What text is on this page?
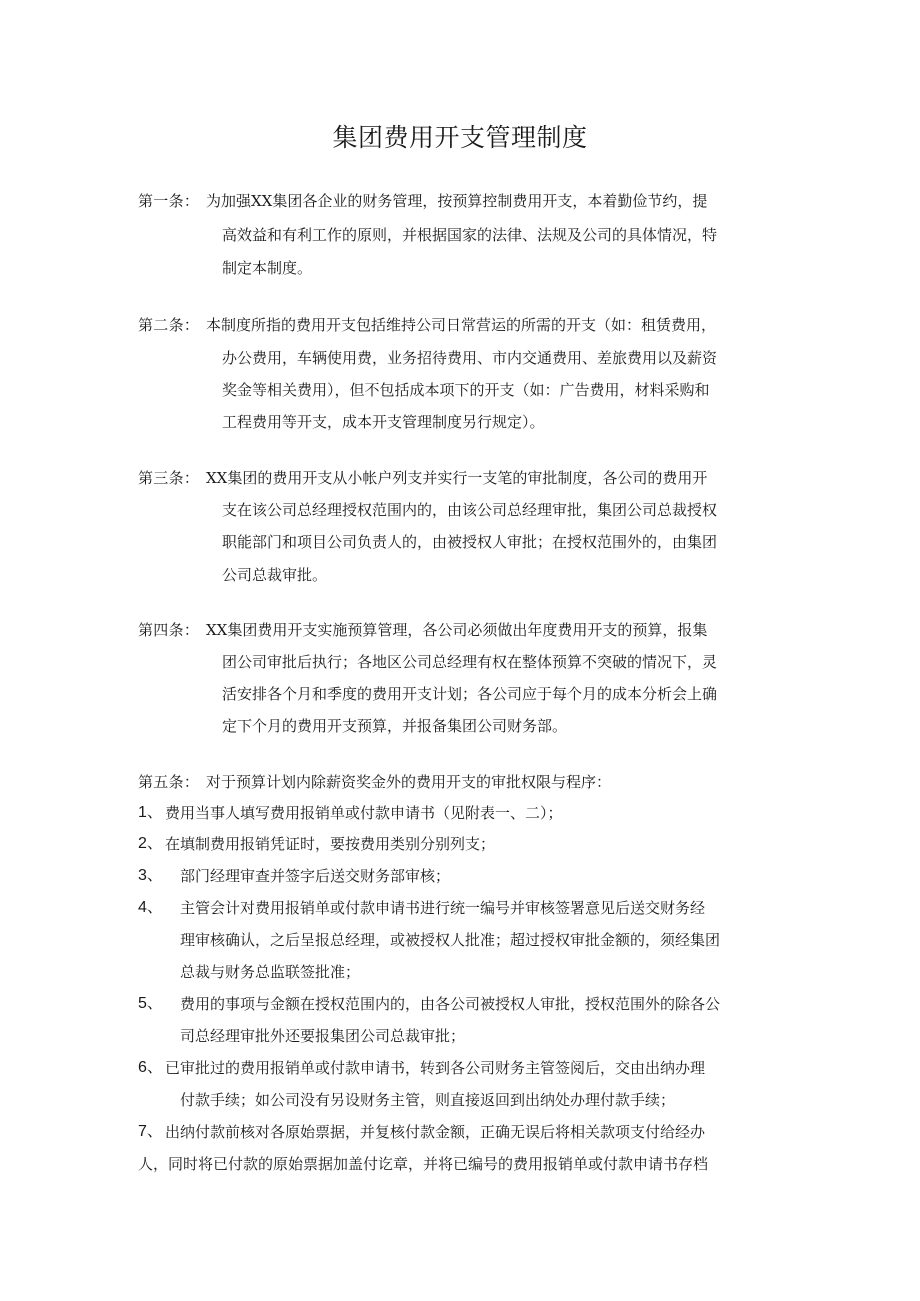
集团费用开支管理制度
第一条： 为加强XX集团各企业的财务管理，按预算控制费用开支，本着勤俭节约，提
高效益和有利工作的原则，并根据国家的法律、法规及公司的具体情况，特
制定本制度。
第二条： 本制度所指的费用开支包括维持公司日常营运的所需的开支（如：租赁费用，
办公费用，车辆使用费，业务招待费用、市内交通费用、差旅费用以及薪资
奖金等相关费用），但不包括成本项下的开支（如：广告费用，材料采购和
工程费用等开支，成本开支管理制度另行规定）。
第三条： XX集团的费用开支从小帐户列支并实行一支笔的审批制度，各公司的费用开
支在该公司总经理授权范围内的，由该公司总经理审批，集团公司总裁授权
职能部门和项目公司负责人的，由被授权人审批；在授权范围外的，由集团
公司总裁审批。
第四条： XX集团费用开支实施预算管理，各公司必须做出年度费用开支的预算，报集
团公司审批后执行；各地区公司总经理有权在整体预算不突破的情况下，灵
活安排各个月和季度的费用开支计划；各公司应于每个月的成本分析会上确
定下个月的费用开支预算，并报备集团公司财务部。
第五条： 对于预算计划内除薪资奖金外的费用开支的审批权限与程序：
1、 费用当事人填写费用报销单或付款申请书（见附表一、二）；
2、 在填制费用报销凭证时，要按费用类别分别列支；
3、 部门经理审查并签字后送交财务部审核；
4、 主管会计对费用报销单或付款申请书进行统一编号并审核签署意见后送交财务经
理审核确认，之后呈报总经理，或被授权人批准；超过授权审批金额的，须经集团
总裁与财务总监联签批准；
5、 费用的事项与金额在授权范围内的，由各公司被授权人审批，授权范围外的除各公
司总经理审批外还要报集团公司总裁审批；
6、 已审批过的费用报销单或付款申请书，转到各公司财务主管签阅后，交由出纳办理
付款手续；如公司没有另设财务主管，则直接返回到出纳处办理付款手续；
7、 出纳付款前核对各原始票据，并复核付款金额，正确无误后将相关款项支付给经办
人，同时将已付款的原始票据加盖付讫章，并将已编号的费用报销单或付款申请书存档
